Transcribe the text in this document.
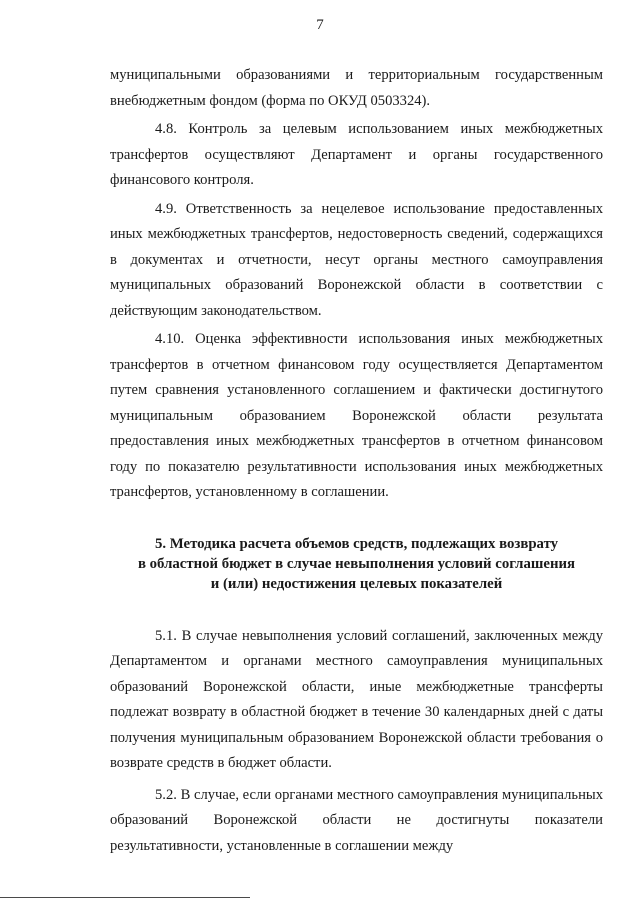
7

муниципальными образованиями и территориальным государственным внебюджетным фондом (форма по ОКУД 0503324).

4.8. Контроль за целевым использованием иных межбюджетных трансфертов осуществляют Департамент и органы государственного финансового контроля.

4.9. Ответственность за нецелевое использование предоставленных иных межбюджетных трансфертов, недостоверность сведений, содержащихся в документах и отчетности, несут органы местного самоуправления муниципальных образований Воронежской области в соответствии с действующим законодательством.

4.10. Оценка эффективности использования иных межбюджетных трансфертов в отчетном финансовом году осуществляется Департаментом путем сравнения установленного соглашением и фактически достигнутого муниципальным образованием Воронежской области результата предоставления иных межбюджетных трансфертов в отчетном финансовом году по показателю результативности использования иных межбюджетных трансфертов, установленному в соглашении.

5. Методика расчета объемов средств, подлежащих возврату
в областной бюджет в случае невыполнения условий соглашения
и (или) недостижения целевых показателей

5.1. В случае невыполнения условий соглашений, заключенных между Департаментом и органами местного самоуправления муниципальных образований Воронежской области, иные межбюджетные трансферты подлежат возврату в областной бюджет в течение 30 календарных дней с даты получения муниципальным образованием Воронежской области требования о возврате средств в бюджет области.

5.2. В случае, если органами местного самоуправления муниципальных образований Воронежской области не достигнуты показатели результативности, установленные в соглашении между
